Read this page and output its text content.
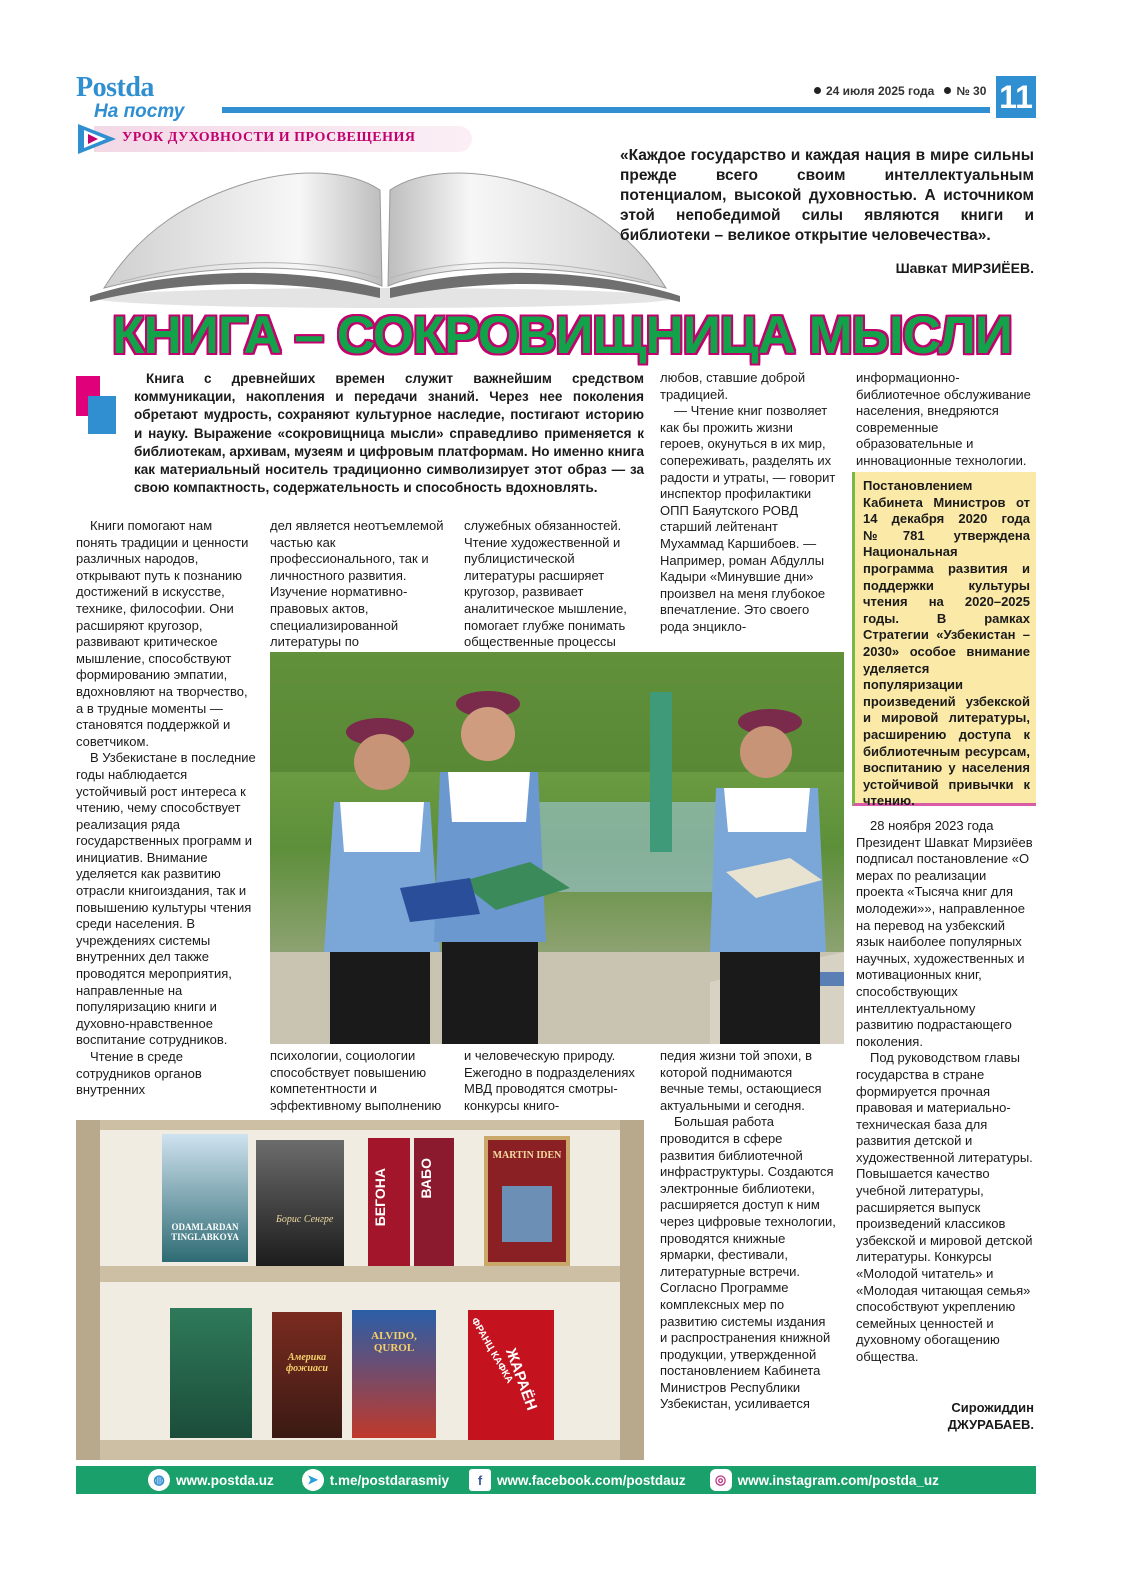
Postda
На посту
24 июля 2025 года № 30 11
УРОК ДУХОВНОСТИ И ПРОСВЕЩЕНИЯ
«Каждое государство и каждая нация в мире сильны прежде всего своим интеллектуальным потенциалом, высокой духовностью. А источником этой непобедимой силы являются книги и библиотеки – великое открытие человечества».
Шавкат МИРЗИЁЕВ.
КНИГА – СОКРОВИЩНИЦА МЫСЛИ
Книга с древнейших времен служит важнейшим средством коммуникации, накопления и передачи знаний. Через нее поколения обретают мудрость, сохраняют культурное наследие, постигают историю и науку. Выражение «сокровищница мысли» справедливо применяется к библиотекам, архивам, музеям и цифровым платформам. Но именно книга как материальный носитель традиционно символизирует этот образ — за свою компактность, содержательность и способность вдохновлять.

Книги помогают нам понять традиции и ценности различных народов, открывают путь к познанию достижений в искусстве, технике, философии. Они расширяют кругозор, развивают критическое мышление, способствуют формированию эмпатии, вдохновляют на творчество, а в трудные моменты — становятся поддержкой и советчиком.

В Узбекистане в последние годы наблюдается устойчивый рост интереса к чтению, чему способствует реализация ряда государственных программ и инициатив. Внимание уделяется как развитию отрасли книгоиздания, так и повышению культуры чтения среди населения. В учреждениях системы внутренних дел также проводятся мероприятия, направленные на популяризацию книги и духовно-нравственное воспитание сотрудников.

Чтение в среде сотрудников органов внутренних

дел является неотъемлемой частью как профессионального, так и личностного развития. Изучение нормативно-правовых актов, специализированной литературы по

служебных обязанностей. Чтение художественной и публицистической литературы расширяет кругозор, развивает аналитическое мышление, помогает глубже понимать общественные процессы

любов, ставшие доброй традицией.

— Чтение книг позволяет как бы прожить жизни героев, окунуться в их мир, сопереживать, разделять их радости и утраты, — говорит инспектор профилактики ОПП Баяутского РОВД старший лейтенант Мухаммад Каршибоев. — Например, роман Абдуллы Кадыри «Минувшие дни» произвел на меня глубокое впечатление. Это своего рода энцикло-

информационно-библиотечное обслуживание населения, внедряются современные образовательные и инновационные технологии.

Постановлением Кабинета Министров от 14 декабря 2020 года №781 утверждена Национальная программа развития и поддержки культуры чтения на 2020–2025 годы. В рамках Стратегии «Узбекистан – 2030» особое внимание уделяется популяризации произведений узбекской и мировой литературы, расширению доступа к библиотечным ресурсам, воспитанию у населения устойчивой привычки к чтению.

психологии, социологии способствует повышению компетентности и эффективному выполнению

и человеческую природу. Ежегодно в подразделениях МВД проводятся смотры-конкурсы книго-

педия жизни той эпохи, в которой поднимаются вечные темы, остающиеся актуальными и сегодня.

Большая работа проводится в сфере развития библиотечной инфраструктуры. Создаются электронные библиотеки, расширяется доступ к ним через цифровые технологии, проводятся книжные ярмарки, фестивали, литературные встречи. Согласно Программе комплексных мер по развитию системы издания и распространения книжной продукции, утвержденной постановлением Кабинета Министров Республики Узбекистан, усиливается

28 ноября 2023 года Президент Шавкат Мирзиёев подписал постановление «О мерах по реализации проекта «Тысяча книг для молодежи»», направленное на перевод на узбекский язык наиболее популярных научных, художественных и мотивационных книг, способствующих интеллектуальному развитию подрастающего поколения.

Под руководством главы государства в стране формируется прочная правовая и материально-техническая база для развития детской и художественной литературы. Повышается качество учебной литературы, расширяется выпуск произведений классиков узбекской и мировой детской литературы. Конкурсы «Молодой читатель» и «Молодая читающая семья» способствуют укреплению семейных ценностей и духовному обогащению общества.

Сирожиддин
ДЖУРАБАЕВ.
ODAMLARDAN TINGLABKOYA
Борис Сенгре	БЕГОНА ВАБО
MARTIN IDEN
Америка фожиаси
ALVIDO, QUROL	ФРАНЦ КАФКА
ЖАРАЁН
◍ www.postda.uz	➤ t.me/postdarasmiy	f	www.facebook.com/postdauz	◎ www.instagram.com/postda_uz
